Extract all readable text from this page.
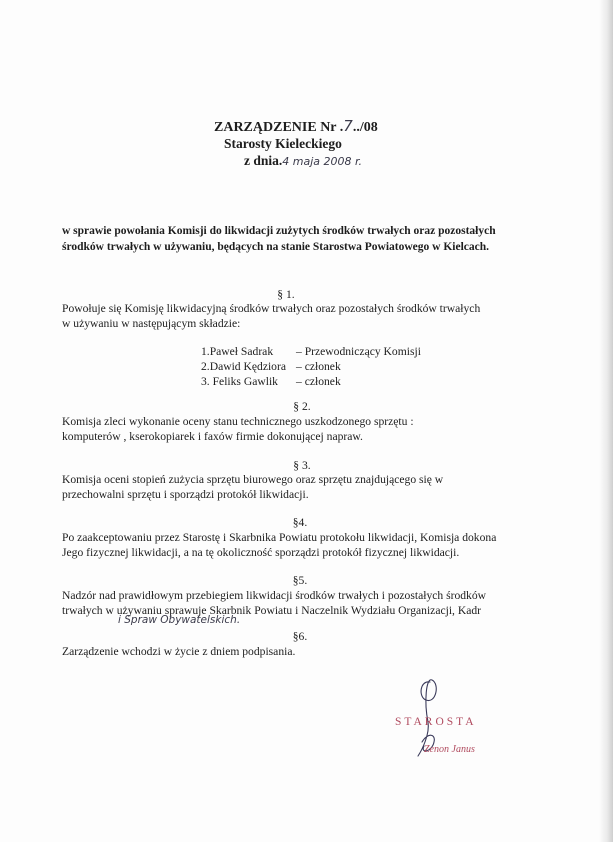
ZARZĄDZENIE Nr .7../08
Starosty Kieleckiego
z dnia.4 maja 2008 r.
w sprawie powołania Komisji do likwidacji zużytych środków trwałych oraz pozostałych
środków trwałych w używaniu, będących na stanie Starostwa Powiatowego w Kielcach.
§ 1.
Powołuje się Komisję likwidacyjną środków trwałych oraz pozostałych środków trwałych
w używaniu w następującym składzie:
1.Paweł Sadrak – Przewodniczący Komisji
2.Dawid Kędziora – członek
3. Feliks Gawlik – członek
§ 2.
Komisja zleci wykonanie oceny stanu technicznego uszkodzonego sprzętu :
komputerów , kserokopiarek i faxów firmie dokonującej napraw.
§ 3.
Komisja oceni stopień zużycia sprzętu biurowego oraz sprzętu znajdującego się w
przechowalni sprzętu i sporządzi protokół likwidacji.
§4.
Po zaakceptowaniu przez Starostę i Skarbnika Powiatu protokołu likwidacji, Komisja dokona
Jego fizycznej likwidacji, a na tę okoliczność sporządzi protokół fizycznej likwidacji.
§5.
Nadzór nad prawidłowym przebiegiem likwidacji środków trwałych i pozostałych środków
trwałych w używaniu sprawuje Skarbnik Powiatu i Naczelnik Wydziału Organizacji, Kadr
i Spraw Obywatelskich.
§6.
Zarządzenie wchodzi w życie z dniem podpisania.
STAROSTA
Zenon Janus
